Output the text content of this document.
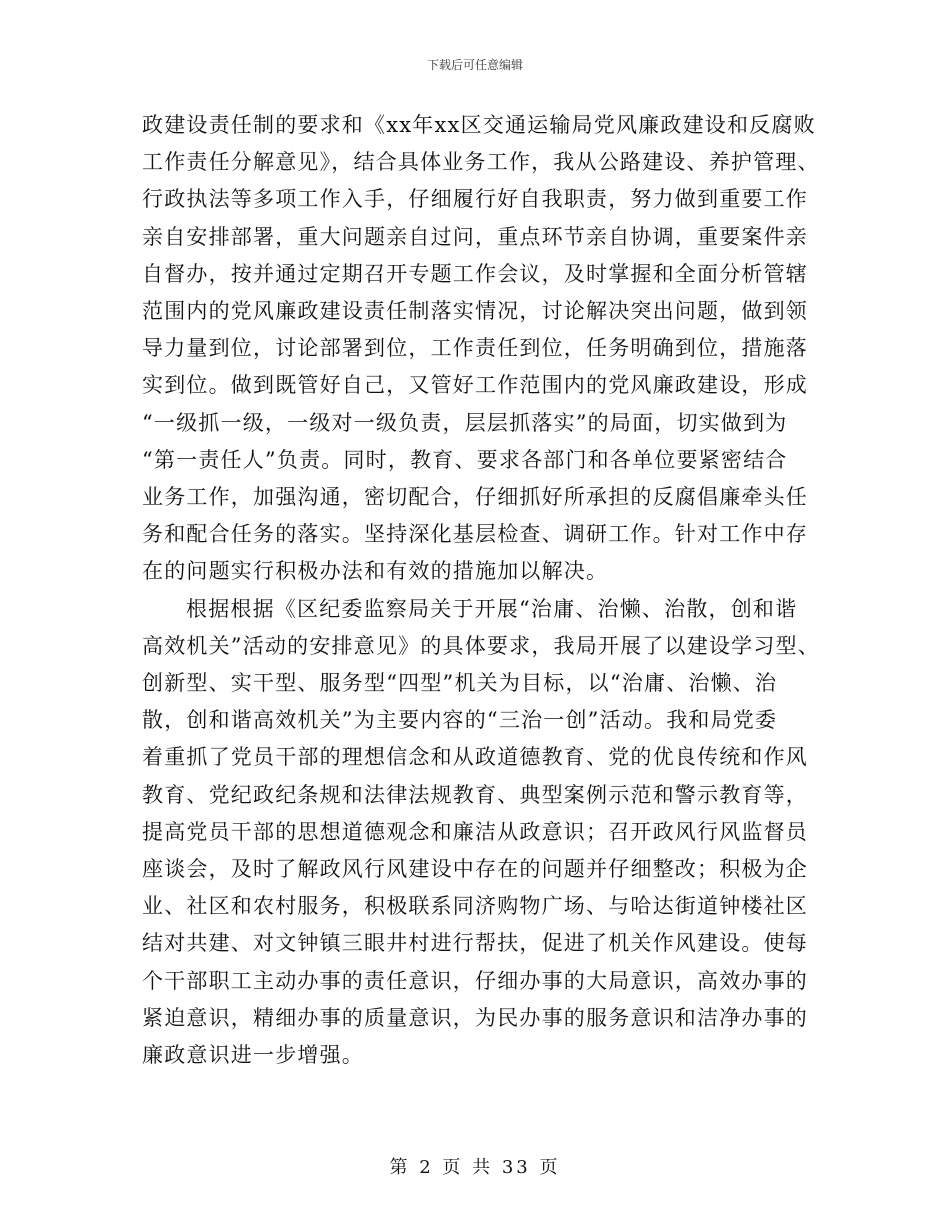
下载后可任意编辑

政建设责任制的要求和《xx年xx区交通运输局党风廉政建设和反腐败
工作责任分解意见》，结合具体业务工作，我从公路建设、养护管理、
行政执法等多项工作入手，仔细履行好自我职责，努力做到重要工作
亲自安排部署，重大问题亲自过问，重点环节亲自协调，重要案件亲
自督办，按并通过定期召开专题工作会议，及时掌握和全面分析管辖
范围内的党风廉政建设责任制落实情况，讨论解决突出问题，做到领
导力量到位，讨论部署到位，工作责任到位，任务明确到位，措施落
实到位。做到既管好自己，又管好工作范围内的党风廉政建设，形成
“一级抓一级，一级对一级负责，层层抓落实”的局面，切实做到为
“第一责任人”负责。同时，教育、要求各部门和各单位要紧密结合
业务工作，加强沟通，密切配合，仔细抓好所承担的反腐倡廉牵头任
务和配合任务的落实。坚持深化基层检查、调研工作。针对工作中存
在的问题实行积极办法和有效的措施加以解决。

根据根据《区纪委监察局关于开展“治庸、治懒、治散，创和谐
高效机关”活动的安排意见》的具体要求，我局开展了以建设学习型、
创新型、实干型、服务型“四型”机关为目标，以“治庸、治懒、治
散，创和谐高效机关”为主要内容的“三治一创”活动。我和局党委
着重抓了党员干部的理想信念和从政道德教育、党的优良传统和作风
教育、党纪政纪条规和法律法规教育、典型案例示范和警示教育等，
提高党员干部的思想道德观念和廉洁从政意识；召开政风行风监督员
座谈会，及时了解政风行风建设中存在的问题并仔细整改；积极为企
业、社区和农村服务，积极联系同济购物广场、与哈达街道钟楼社区
结对共建、对文钟镇三眼井村进行帮扶，促进了机关作风建设。使每
个干部职工主动办事的责任意识，仔细办事的大局意识，高效办事的
紧迫意识，精细办事的质量意识，为民办事的服务意识和洁净办事的
廉政意识进一步增强。

第 2 页 共 33 页
